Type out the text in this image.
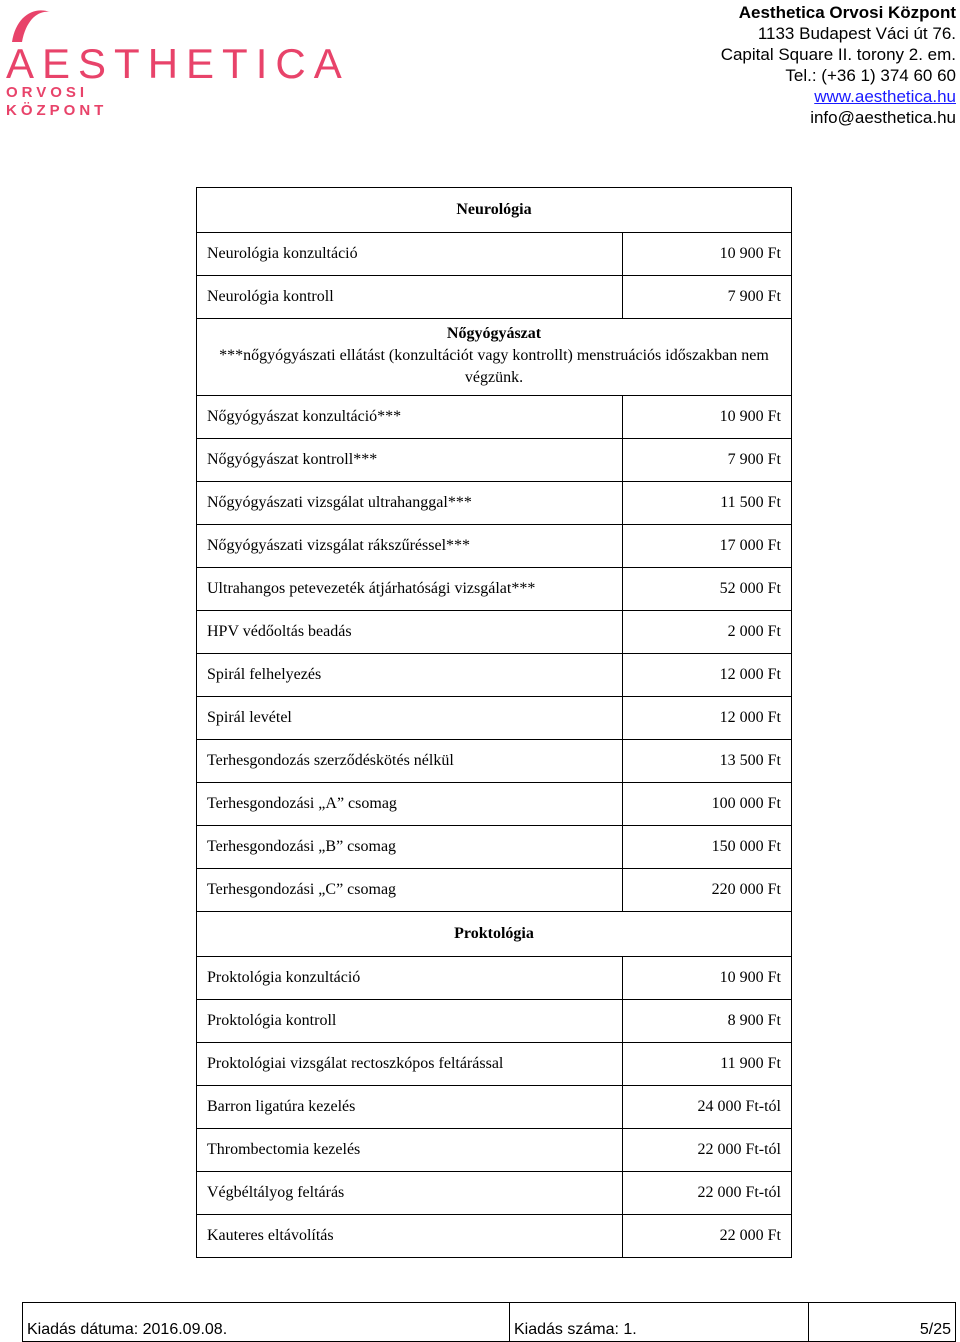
AESTHETICA
ORVOSI
KÖZPONT
Aesthetica Orvosi Központ
1133 Budapest Váci út 76.
Capital Square II. torony 2. em.
Tel.: (+36 1) 374 60 60
www.aesthetica.hu
info@aesthetica.hu
Neurológia	
Neurológia konzultáció	10 900 Ft
Neurológia kontroll	7 900 Ft

Nőgyógyászat
***nőgyógyászati ellátást (konzultációt vagy kontrollt) menstruációs időszakban nem végzünk.	

Nőgyógyászat konzultáció***	10 900 Ft
Nőgyógyászat kontroll***	7 900 Ft
Nőgyógyászati vizsgálat ultrahanggal***	11 500 Ft
Nőgyógyászati vizsgálat rákszűréssel***	17 000 Ft
Ultrahangos petevezeték átjárhatósági vizsgálat***	52 000 Ft
HPV védőoltás beadás	2 000 Ft
Spirál felhelyezés	12 000 Ft
Spirál levétel	12 000 Ft
Terhesgondozás szerződéskötés nélkül	13 500 Ft
Terhesgondozási „A” csomag	100 000 Ft
Terhesgondozási „B” csomag	150 000 Ft
Terhesgondozási „C” csomag	220 000 Ft
Proktológia	
Proktológia konzultáció	10 900 Ft
Proktológia kontroll	8 900 Ft
Proktológiai vizsgálat rectoszkópos feltárással	11 900 Ft
Barron ligatúra kezelés	24 000 Ft-tól
Thrombectomia kezelés	22 000 Ft-tól
Végbéltályog feltárás	22 000 Ft-tól
Kauteres eltávolítás	22 000 Ft
Kiadás dátuma: 2016.09.08.	Kiadás száma: 1.	5/25
